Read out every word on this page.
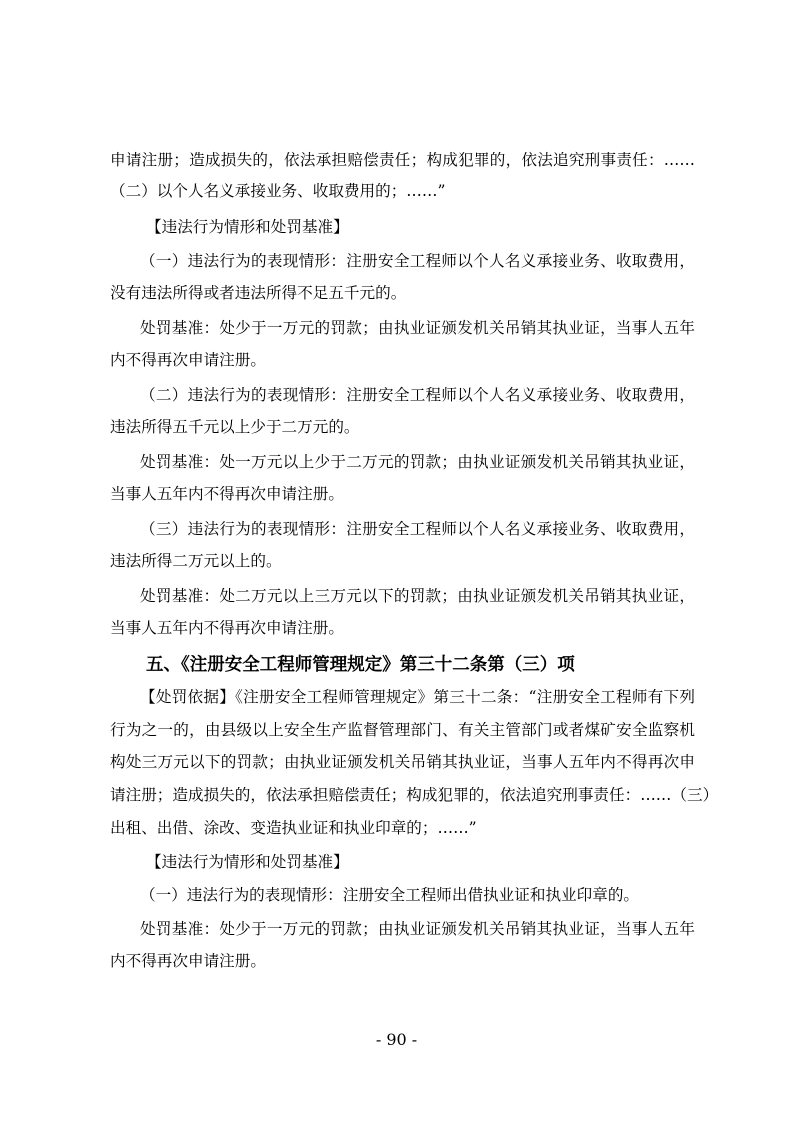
申请注册；造成损失的，依法承担赔偿责任；构成犯罪的，依法追究刑事责任：……
（二）以个人名义承接业务、收取费用的；……”
【违法行为情形和处罚基准】
（一）违法行为的表现情形：注册安全工程师以个人名义承接业务、收取费用，
没有违法所得或者违法所得不足五千元的。
处罚基准：处少于一万元的罚款；由执业证颁发机关吊销其执业证，当事人五年
内不得再次申请注册。
（二）违法行为的表现情形：注册安全工程师以个人名义承接业务、收取费用，
违法所得五千元以上少于二万元的。
处罚基准：处一万元以上少于二万元的罚款；由执业证颁发机关吊销其执业证，
当事人五年内不得再次申请注册。
（三）违法行为的表现情形：注册安全工程师以个人名义承接业务、收取费用，
违法所得二万元以上的。
处罚基准：处二万元以上三万元以下的罚款；由执业证颁发机关吊销其执业证，
当事人五年内不得再次申请注册。
五、《注册安全工程师管理规定》第三十二条第（三）项
【处罚依据】《注册安全工程师管理规定》第三十二条：“注册安全工程师有下列
行为之一的，由县级以上安全生产监督管理部门、有关主管部门或者煤矿安全监察机
构处三万元以下的罚款；由执业证颁发机关吊销其执业证，当事人五年内不得再次申
请注册；造成损失的，依法承担赔偿责任；构成犯罪的，依法追究刑事责任：……（三）
出租、出借、涂改、变造执业证和执业印章的；……”
【违法行为情形和处罚基准】
（一）违法行为的表现情形：注册安全工程师出借执业证和执业印章的。
处罚基准：处少于一万元的罚款；由执业证颁发机关吊销其执业证，当事人五年
内不得再次申请注册。
- 90 -
